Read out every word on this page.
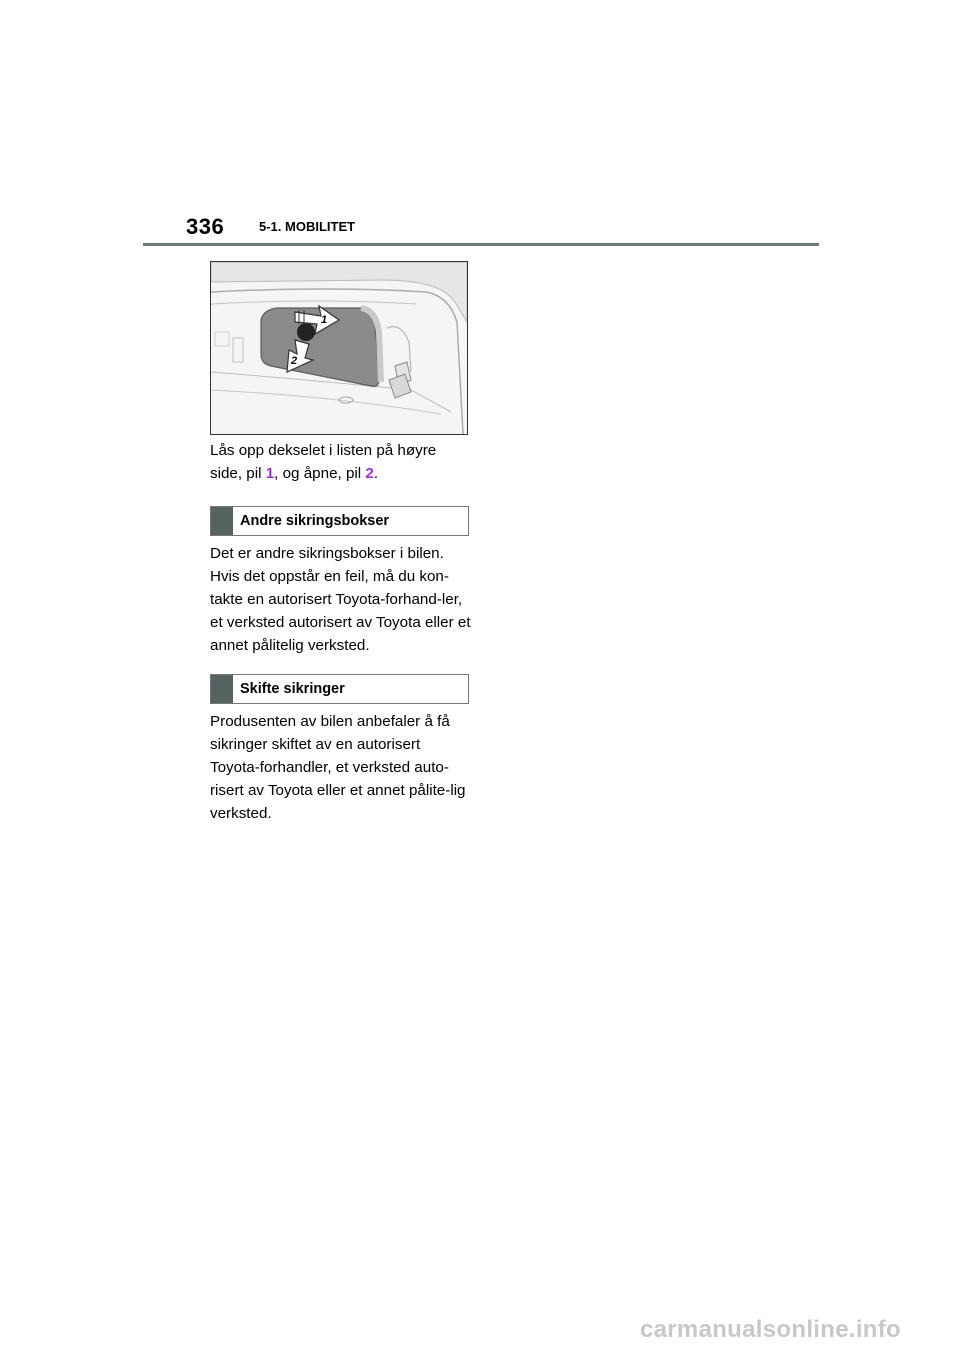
336	5-1. MOBILITET
1
2
Lås opp dekselet i listen på høyre side, pil 1, og åpne, pil 2.
Andre sikringsbokser
Det er andre sikringsbokser i bilen. Hvis det oppstår en feil, må du kon-takte en autorisert Toyota-forhand-ler, et verksted autorisert av Toyota eller et annet pålitelig verksted.
Skifte sikringer
Produsenten av bilen anbefaler å få sikringer skiftet av en autorisert Toyota-forhandler, et verksted auto-risert av Toyota eller et annet pålite-lig verksted.
carmanualsonline.info
